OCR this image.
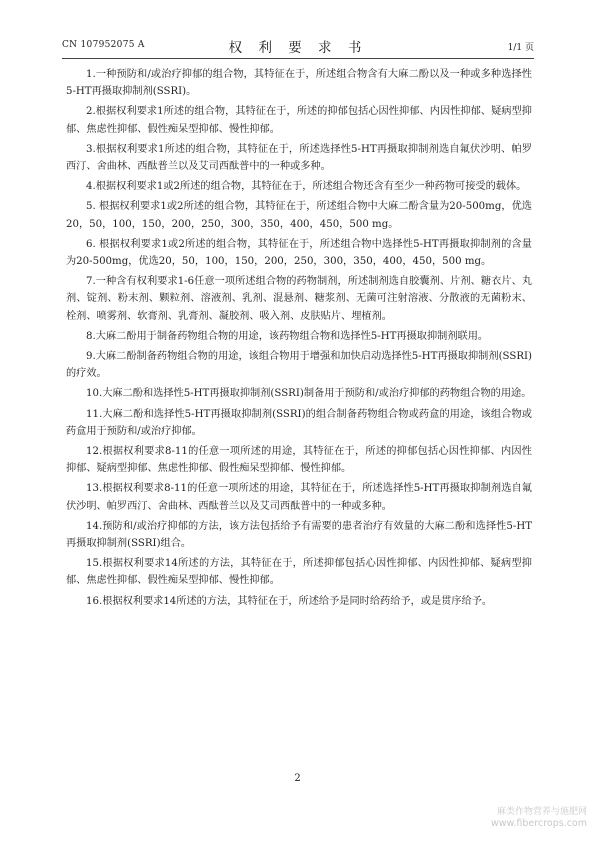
CN 107952075 A	权 利 要 求 书	1/1 页
1.一种预防和/或治疗抑郁的组合物，其特征在于，所述组合物含有大麻二酚以及一种或多种选择性5-HT再摄取抑制剂(SSRI)。
2.根据权利要求1所述的组合物，其特征在于，所述的抑郁包括心因性抑郁、内因性抑郁、疑病型抑郁、焦虑性抑郁、假性痴呆型抑郁、慢性抑郁。
3.根据权利要求1所述的组合物，其特征在于，所述选择性5-HT再摄取抑制剂选自氟伏沙明、帕罗西汀、舍曲林、西酞普兰以及艾司西酞普中的一种或多种。
4.根据权利要求1或2所述的组合物，其特征在于，所述组合物还含有至少一种药物可接受的载体。
5. 根据权利要求1或2所述的组合物，其特征在于，所述组合物中大麻二酚含量为20-500mg，优选20，50，100，150，200，250，300，350，400，450，500 mg。
6. 根据权利要求1或2所述的组合物，其特征在于，所述组合物中选择性5-HT再摄取抑制剂的含量为20-500mg，优选20，50，100，150，200，250，300，350，400，450，500 mg。
7.一种含有权利要求1-6任意一项所述组合物的药物制剂，所述制剂选自胶囊剂、片剂、糖衣片、丸剂、锭剂、粉末剂、颗粒剂、溶液剂、乳剂、混悬剂、糖浆剂、无菌可注射溶液、分散液的无菌粉末、栓剂、喷雾剂、软膏剂、乳膏剂、凝胶剂、吸入剂、皮肤贴片、埋植剂。
8.大麻二酚用于制备药物组合物的用途，该药物组合物和选择性5-HT再摄取抑制剂联用。
9.大麻二酚制备药物组合物的用途，该组合物用于增强和加快启动选择性5-HT再摄取抑制剂(SSRI)的疗效。
10.大麻二酚和选择性5-HT再摄取抑制剂(SSRI)制备用于预防和/或治疗抑郁的药物组合物的用途。
11.大麻二酚和选择性5-HT再摄取抑制剂(SSRI)的组合制备药物组合物或药盒的用途，该组合物或药盒用于预防和/或治疗抑郁。
12.根据权利要求8-11的任意一项所述的用途，其特征在于，所述的抑郁包括心因性抑郁、内因性抑郁、疑病型抑郁、焦虑性抑郁、假性痴呆型抑郁、慢性抑郁。
13.根据权利要求8-11的任意一项所述的用途，其特征在于，所述选择性5-HT再摄取抑制剂选自氟伏沙明、帕罗西汀、舍曲林、西酞普兰以及艾司西酞普中的一种或多种。
14.预防和/或治疗抑郁的方法，该方法包括给予有需要的患者治疗有效量的大麻二酚和选择性5-HT再摄取抑制剂(SSRI)组合。
15.根据权利要求14所述的方法，其特征在于，所述抑郁包括心因性抑郁、内因性抑郁、疑病型抑郁、焦虑性抑郁、假性痴呆型抑郁、慢性抑郁。
16.根据权利要求14所述的方法，其特征在于，所述给予是同时给药给予，或是贯序给予。
2
麻类作物营养与施肥网
www.fibercrops.com
